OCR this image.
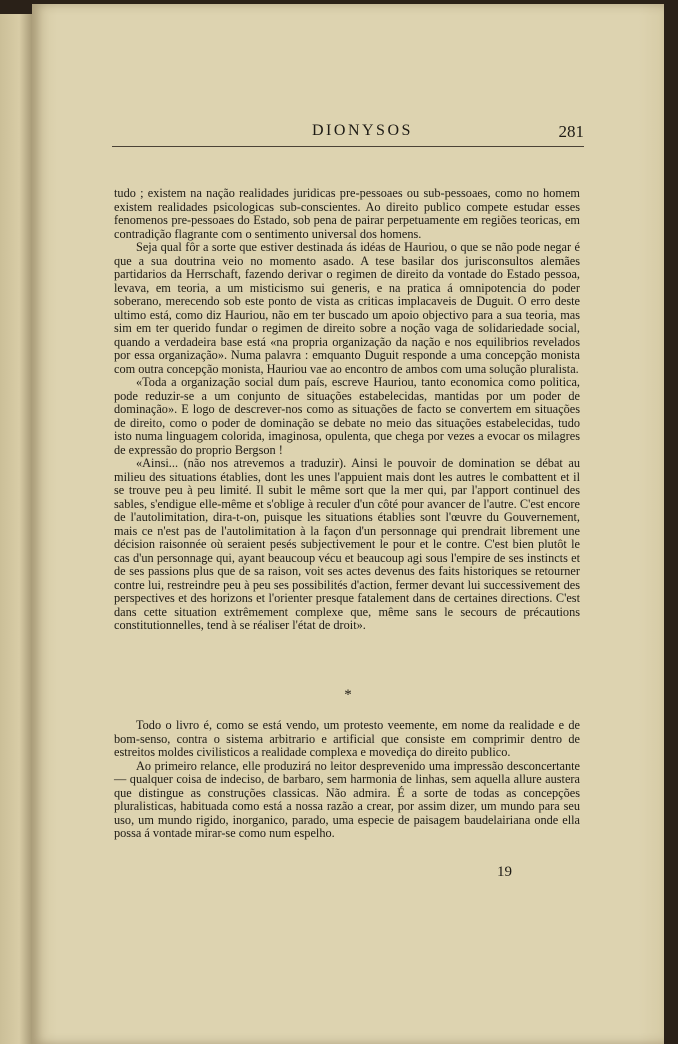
DIONYSOS	281

tudo ; existem na nação realidades juridicas pre-pessoaes ou sub-pessoaes, como no homem existem realidades psicologicas sub-conscientes. Ao direito publico compete estudar esses fenomenos pre-pessoaes do Estado, sob pena de pairar perpetuamente em regiões teoricas, em contradição flagrante com o sentimento universal dos homens.

Seja qual fôr a sorte que estiver destinada ás idéas de Hauriou, o que se não pode negar é que a sua doutrina veio no momento asado. A tese basilar dos jurisconsultos alemães partidarios da Herrschaft, fazendo derivar o regimen de direito da vontade do Estado pessoa, levava, em teoria, a um misticismo sui generis, e na pratica á omnipotencia do poder soberano, merecendo sob este ponto de vista as criticas implacaveis de Duguit. O erro deste ultimo está, como diz Hauriou, não em ter buscado um apoio objectivo para a sua teoria, mas sim em ter querido fundar o regimen de direito sobre a noção vaga de solidariedade social, quando a verdadeira base está «na propria organização da nação e nos equilibrios revelados por essa organização». Numa palavra : emquanto Duguit responde a uma concepção monista com outra concepção monista, Hauriou vae ao encontro de ambos com uma solução pluralista.

«Toda a organização social dum país, escreve Hauriou, tanto economica como politica, pode reduzir-se a um conjunto de situações estabelecidas, mantidas por um poder de dominação». E logo de descrever-nos como as situações de facto se convertem em situações de direito, como o poder de dominação se debate no meio das situações estabelecidas, tudo isto numa linguagem colorida, imaginosa, opulenta, que chega por vezes a evocar os milagres de expressão do proprio Bergson !

«Ainsi... (não nos atrevemos a traduzir). Ainsi le pouvoir de domination se débat au milieu des situations établies, dont les unes l'appuient mais dont les autres le combattent et il se trouve peu à peu limité. Il subit le même sort que la mer qui, par l'apport continuel des sables, s'endigue elle-même et s'oblige à reculer d'un côté pour avancer de l'autre. C'est encore de l'autolimitation, dira-t-on, puisque les situations établies sont l'œuvre du Gouvernement, mais ce n'est pas de l'autolimitation à la façon d'un personnage qui prendrait librement une décision raisonnée où seraient pesés subjectivement le pour et le contre. C'est bien plutôt le cas d'un personnage qui, ayant beaucoup vécu et beaucoup agi sous l'empire de ses instincts et de ses passions plus que de sa raison, voit ses actes devenus des faits historiques se retourner contre lui, restreindre peu à peu ses possibilités d'action, fermer devant lui successivement des perspectives et des horizons et l'orienter presque fatalement dans de certaines directions. C'est dans cette situation extrêmement complexe que, même sans le secours de précautions constitutionnelles, tend à se réaliser l'état de droit».

*

Todo o livro é, como se está vendo, um protesto veemente, em nome da realidade e de bom-senso, contra o sistema arbitrario e artificial que consiste em comprimir dentro de estreitos moldes civilisticos a realidade complexa e movediça do direito publico.

Ao primeiro relance, elle produzirá no leitor desprevenido uma impressão desconcertante — qualquer coisa de indeciso, de barbaro, sem harmonia de linhas, sem aquella allure austera que distingue as construções classicas. Não admira. É a sorte de todas as concepções pluralisticas, habituada como está a nossa razão a crear, por assim dizer, um mundo para seu uso, um mundo rigido, inorganico, parado, uma especie de paisagem baudelairiana onde ella possa á vontade mirar-se como num espelho.

19
